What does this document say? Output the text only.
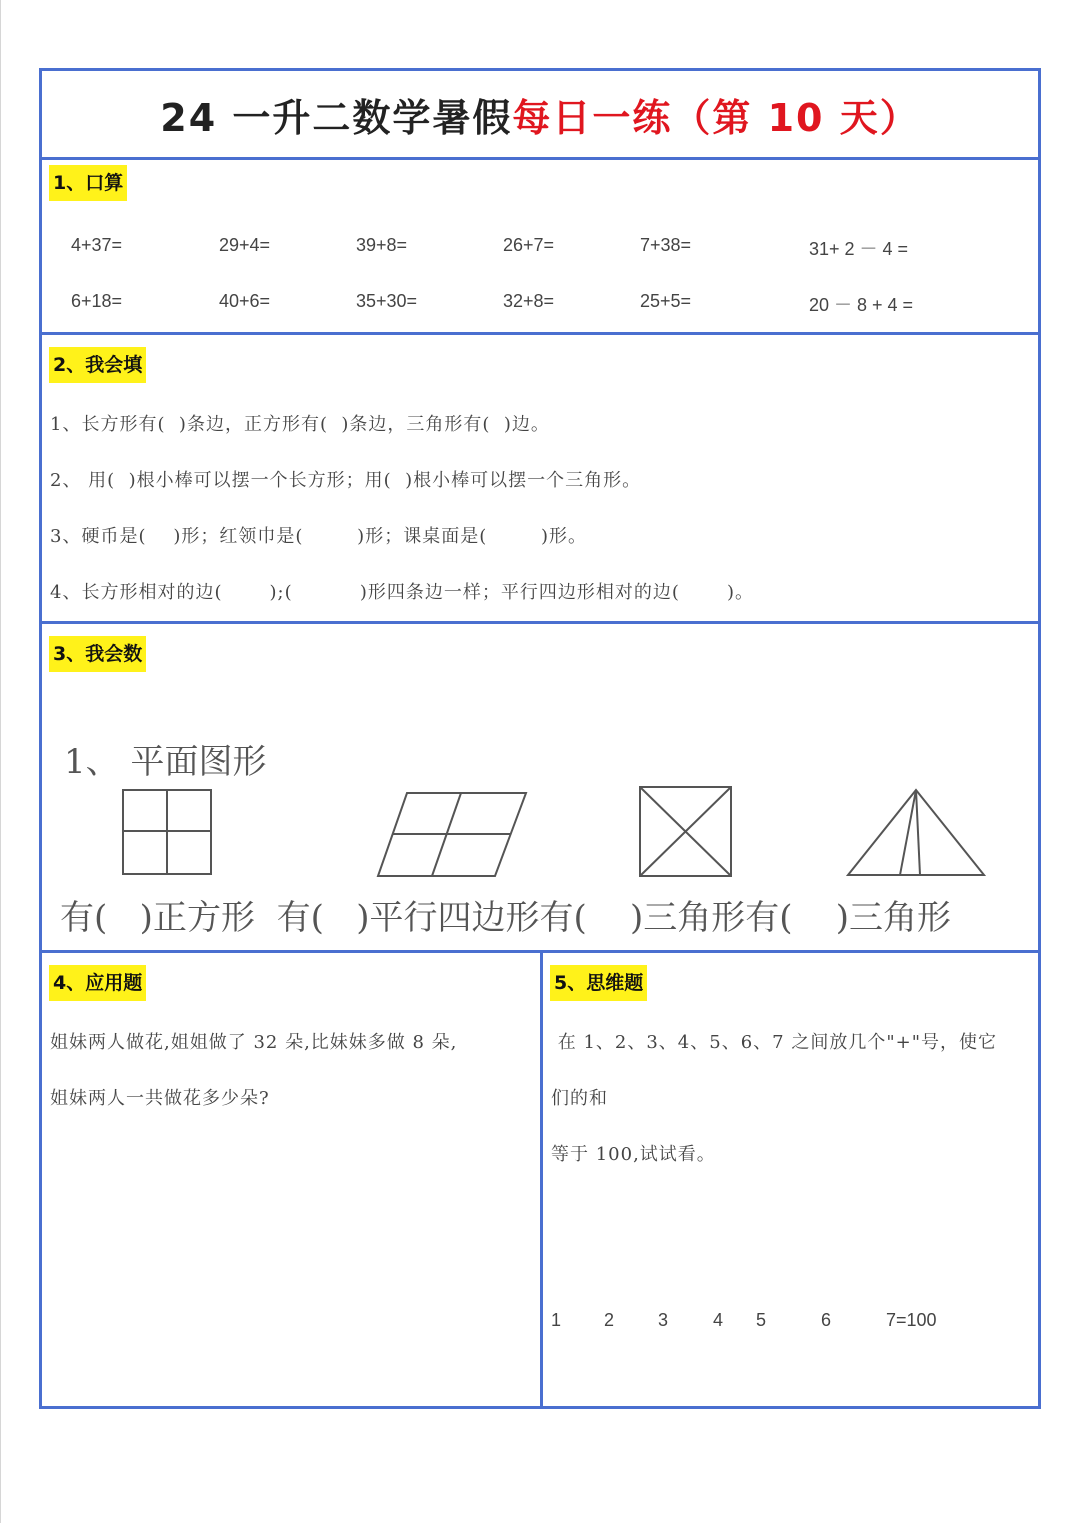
24 一升二数学暑假每日一练（第 10 天）
1、口算
4+37=	29+4=	39+8=	26+7=	7+38=	31+ 2 － 4 =
6+18=	40+6=	35+30=	32+8=	25+5=	20 － 8 + 4 =
2、我会填
1、长方形有(  )条边，正方形有(  )条边，三角形有(  )边。
2、 用(  )根小棒可以摆一个长方形；用(  )根小棒可以摆一个三角形。
3、硬币是(    )形；红领巾是(        )形；课桌面是(        )形。
4、长方形相对的边(       );(          )形四条边一样；平行四边形相对的边(       )。
3、我会数
1、 平面图形
有(   )正方形  有(   )平行四边形有(    )三角形有(    )三角形
4、应用题
姐妹两人做花,姐姐做了 32 朵,比妹妹多做 8 朵,
姐妹两人一共做花多少朵?
5、思维题
在 1、2、3、4、5、6、7 之间放几个"+"号，使它
们的和
等于 100,试试看。
1 2 3 4 5	6	7=100
